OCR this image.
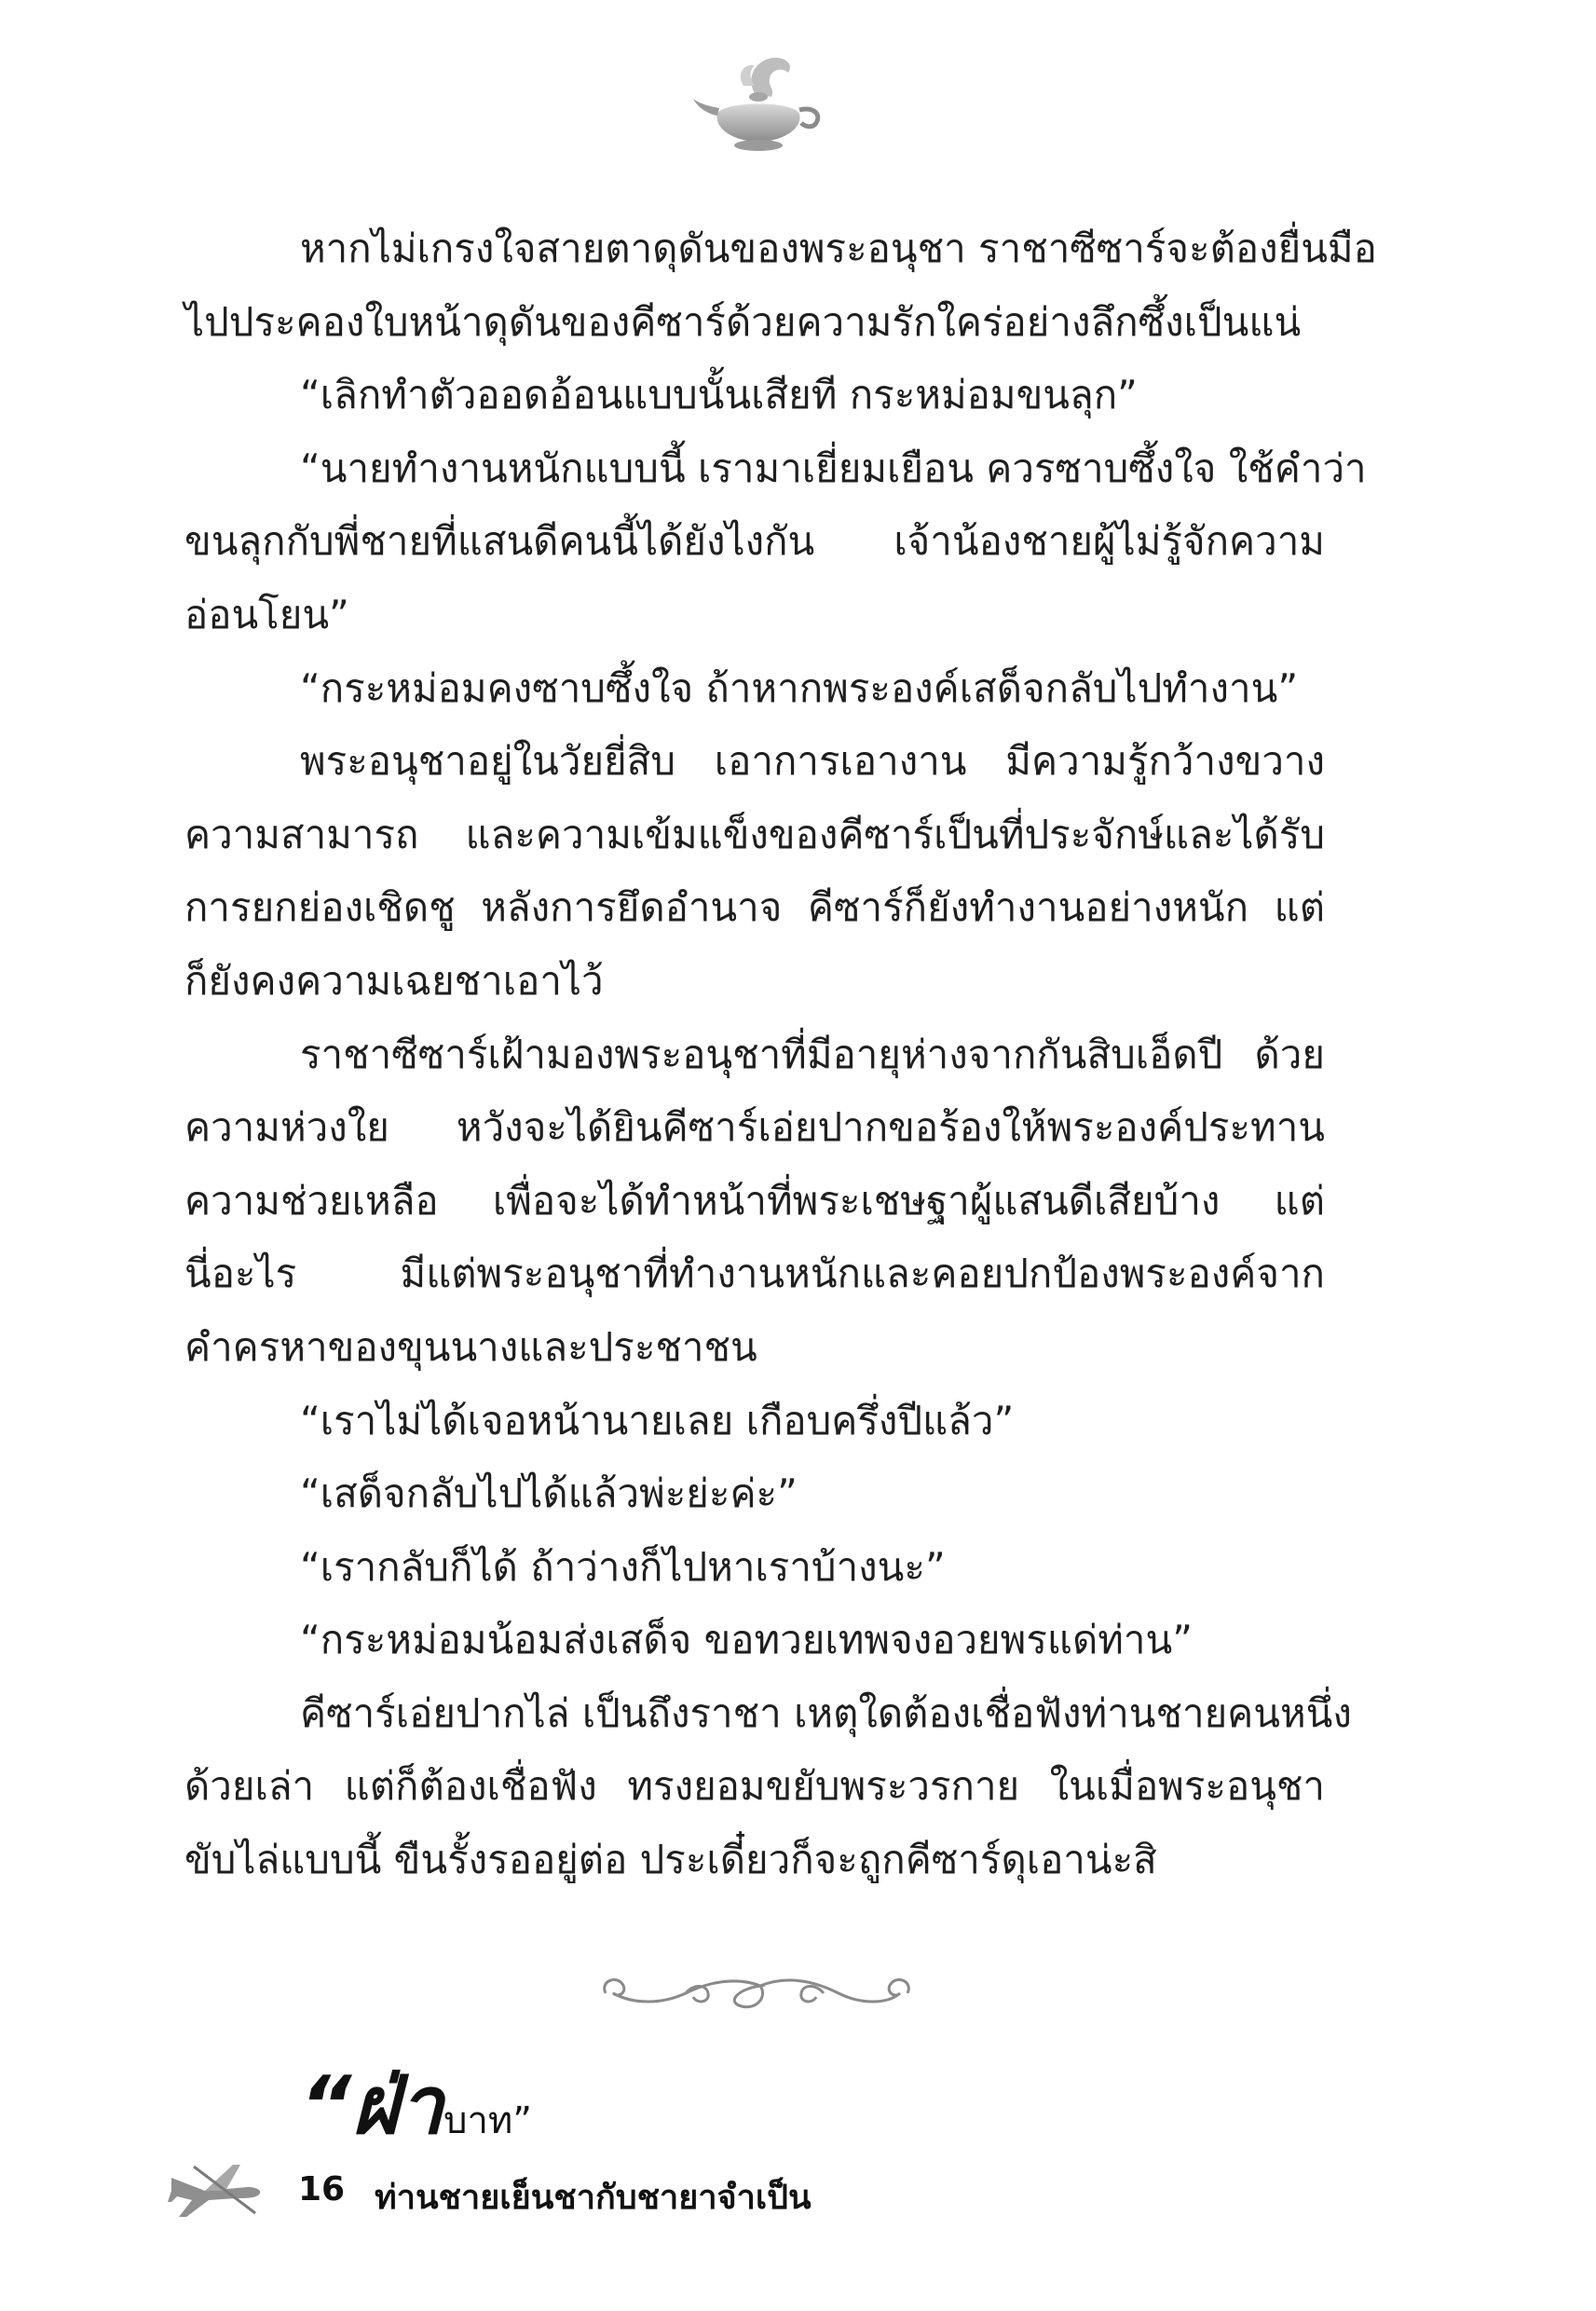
หากไม่เกรงใจสายตาดุดันของพระอนุชา ราชาซีซาร์จะต้องยื่นมือ
ไปประคองใบหน้าดุดันของคีซาร์ด้วยความรักใคร่อย่างลึกซึ้งเป็นแน่
“เลิกทำตัวออดอ้อนแบบนั้นเสียที กระหม่อมขนลุก”
“นายทำงานหนักแบบนี้ เรามาเยี่ยมเยือน ควรซาบซึ้งใจ ใช้คำว่า
ขนลุกกับพี่ชายที่แสนดีคนนี้ได้ยังไงกัน เจ้าน้องชายผู้ไม่รู้จักความ
อ่อนโยน”
“กระหม่อมคงซาบซึ้งใจ ถ้าหากพระองค์เสด็จกลับไปทำงาน”
พระอนุชาอยู่ในวัยยี่สิบ เอาการเอางาน มีความรู้กว้างขวาง
ความสามารถ และความเข้มแข็งของคีซาร์เป็นที่ประจักษ์และได้รับ
การยกย่องเชิดชู หลังการยึดอำนาจ คีซาร์ก็ยังทำงานอย่างหนัก แต่
ก็ยังคงความเฉยชาเอาไว้
ราชาซีซาร์เฝ้ามองพระอนุชาที่มีอายุห่างจากกันสิบเอ็ดปี ด้วย
ความห่วงใย หวังจะได้ยินคีซาร์เอ่ยปากขอร้องให้พระองค์ประทาน
ความช่วยเหลือ เพื่อจะได้ทำหน้าที่พระเชษฐาผู้แสนดีเสียบ้าง แต่
นี่อะไร มีแต่พระอนุชาที่ทำงานหนักและคอยปกป้องพระองค์จาก
คำครหาของขุนนางและประชาชน
“เราไม่ได้เจอหน้านายเลย เกือบครึ่งปีแล้ว”
“เสด็จกลับไปได้แล้วพ่ะย่ะค่ะ”
“เรากลับก็ได้ ถ้าว่างก็ไปหาเราบ้างนะ”
“กระหม่อมน้อมส่งเสด็จ ขอทวยเทพจงอวยพรแด่ท่าน”
คีซาร์เอ่ยปากไล่ เป็นถึงราชา เหตุใดต้องเชื่อฟังท่านชายคนหนึ่ง
ด้วยเล่า แต่ก็ต้องเชื่อฟัง ทรงยอมขยับพระวรกาย ในเมื่อพระอนุชา
ขับไล่แบบนี้ ขืนรั้งรออยู่ต่อ ประเดี๋ยวก็จะถูกคีซาร์ดุเอาน่ะสิ
“ฝ่าบาท”
16 ท่านชายเย็นชากับชายาจำเป็น
